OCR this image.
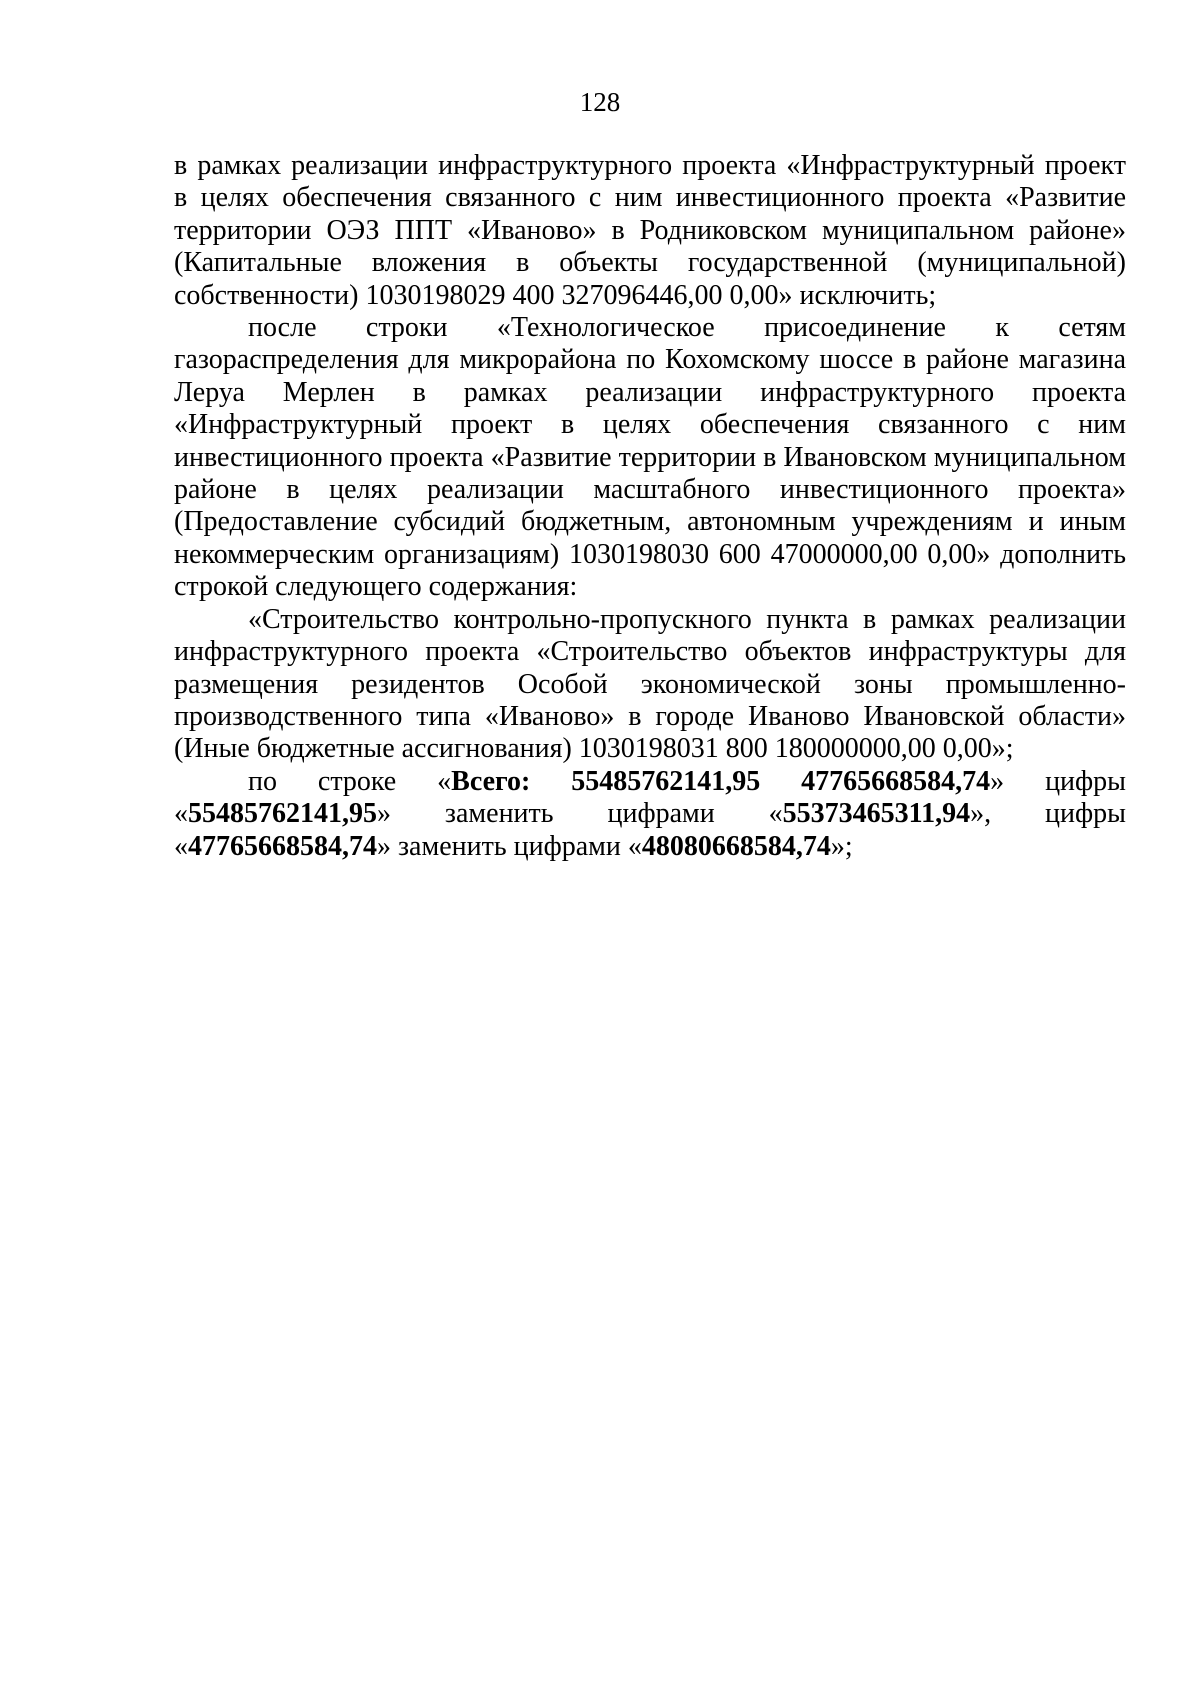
128

в рамках реализации инфраструктурного проекта «Инфраструктурный проект в целях обеспечения связанного с ним инвестиционного проекта «Развитие территории ОЭЗ ППТ «Иваново» в Родниковском муниципальном районе» (Капитальные вложения в объекты государственной (муниципальной) собственности) 1030198029 400 327096446,00 0,00» исключить;

после строки «Технологическое присоединение к сетям газораспределения для микрорайона по Кохомскому шоссе в районе магазина Леруа Мерлен в рамках реализации инфраструктурного проекта «Инфраструктурный проект в целях обеспечения связанного с ним инвестиционного проекта «Развитие территории в Ивановском муниципальном районе в целях реализации масштабного инвестиционного проекта» (Предоставление субсидий бюджетным, автономным учреждениям и иным некоммерческим организациям) 1030198030 600 47000000,00 0,00» дополнить строкой следующего содержания:

«Строительство контрольно-пропускного пункта в рамках реализации инфраструктурного проекта «Строительство объектов инфраструктуры для размещения резидентов Особой экономической зоны промышленно-производственного типа «Иваново» в городе Иваново Ивановской области» (Иные бюджетные ассигнования) 1030198031 800 180000000,00 0,00»;

по строке «Всего: 55485762141,95 47765668584,74» цифры «55485762141,95» заменить цифрами «55373465311,94», цифры «47765668584,74» заменить цифрами «48080668584,74»;
